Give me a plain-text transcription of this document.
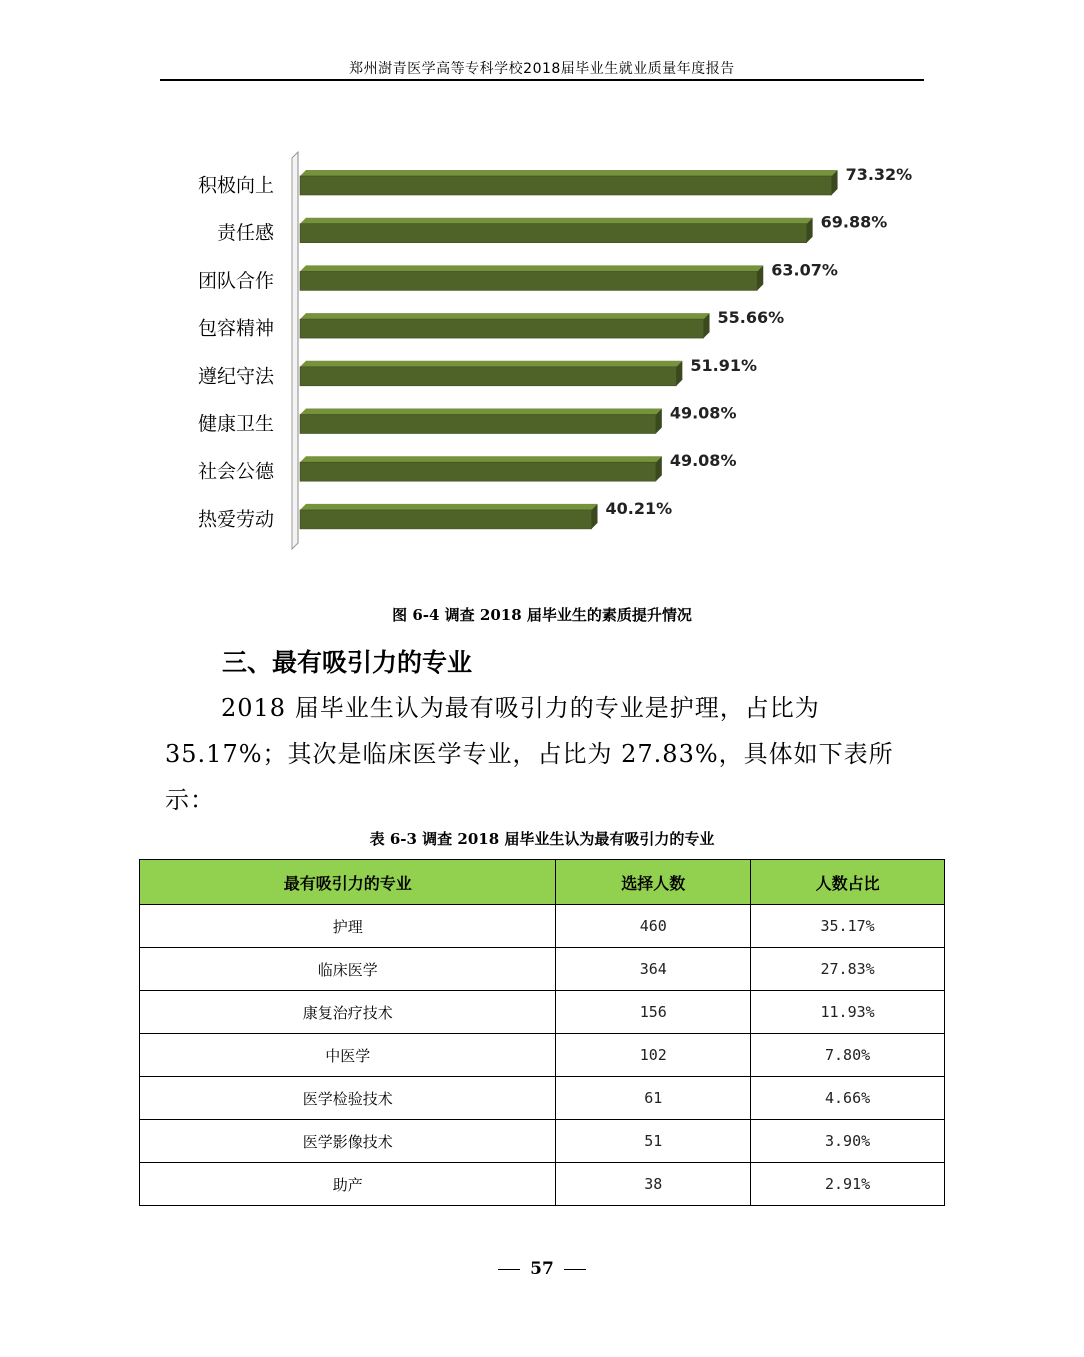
郑州澍青医学高等专科学校2018届毕业生就业质量年度报告
积极向上	73.32%
责任感	69.88%
团队合作	63.07%
包容精神	55.66%
遵纪守法	51.91%
健康卫生	49.08%
社会公德	49.08%
热爱劳动	40.21%
图 6-4 调查 2018 届毕业生的素质提升情况
三、最有吸引力的专业
2018 届毕业生认为最有吸引力的专业是护理，占比为 35.17%；其次是临床医学专业，占比为 27.83%，具体如下表所示：
表 6-3 调查 2018 届毕业生认为最有吸引力的专业
最有吸引力的专业	选择人数	人数占比
护理	460	35.17%
临床医学	364	27.83%
康复治疗技术	156	11.93%
中医学	102	7.80%
医学检验技术	61	4.66%
医学影像技术	51	3.90%
助产	38	2.91%
57
